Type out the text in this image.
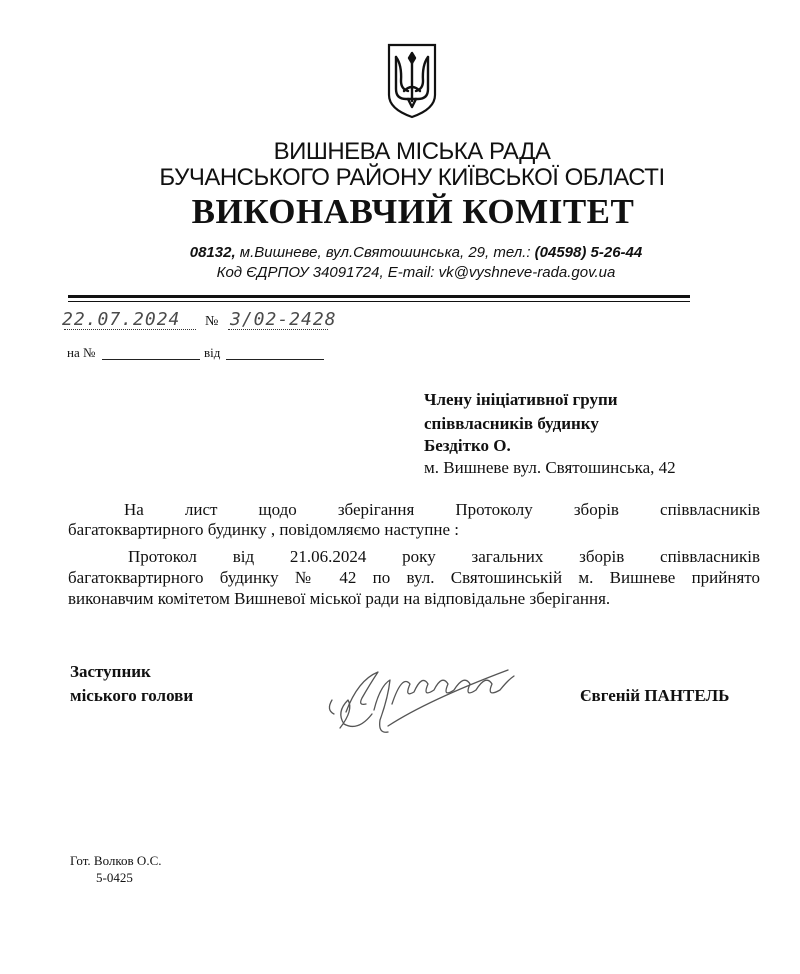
ВИШНЕВА МІСЬКА РАДА
БУЧАНСЬКОГО РАЙОНУ КИЇВСЬКОЇ ОБЛАСТІ
ВИКОНАВЧИЙ КОМІТЕТ
08132, м.Вишневе, вул.Святошинська, 29, тел.: (04598) 5-26-44
Код ЄДРПОУ 34091724, E-mail: vk@vyshneve-rada.gov.ua
22.07.2024 № 3/02-2428
на №	від
Члену ініціативної групи
співвласників будинку
Бездітко О.
м. Вишневе вул. Святошинська, 42
На лист щодо зберігання Протоколу зборів співвласників
багатоквартирного будинку , повідомляємо наступне :
Протокол від 21.06.2024 року загальних зборів співвласників
багатоквартирного будинку № 42 по вул. Святошинській м. Вишневе прийнято
виконавчим комітетом Вишневої міської ради на відповідальне зберігання.
Заступник
міського голови	Євгеній ПАНТЕЛЬ
Гот. Волков О.С.
5-0425
